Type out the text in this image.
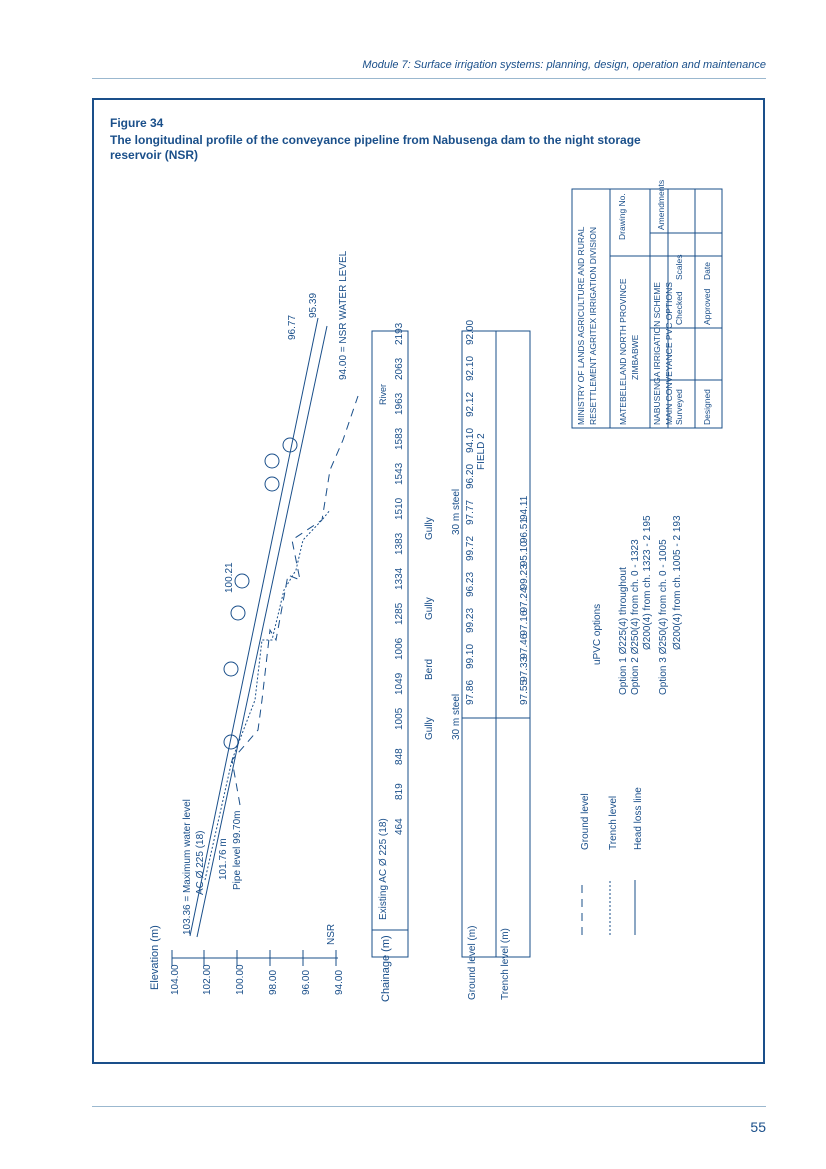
Module 7: Surface irrigation systems: planning, design, operation and maintenance
Figure 34
The longitudinal profile of the conveyance pipeline from Nabusenga dam to the night storage reservoir (NSR)
Elevation (m) 104.00 102.00 100.00 98.00 96.00 94.00
NSR
103.36 = Maximum water level AC Ø 225 (18) 101.76 m Pipe level 99.70m
100.21
96.77
95.39 94.00 = NSR WATER LEVEL
Chainage (m)
Existing AC Ø 225 (18)
Ground level (m) Trench level (m)
Gully
Berd
Gully
Gully
30 m steel
30 m steel
FIELD 2
River
Ground level Trench level Head loss line
uPVC options Option 1 Ø225(4) throughout Option 2 Ø250(4) from ch. 0 - 1323 Ø200(4) from ch. 1323 - 2 195 Option 3 Ø250(4) from ch. 0 - 1005 Ø200(4) from ch. 1005 - 2 193
MINISTRY OF LANDS AGRICULTURE AND RURAL RESETTLEMENT AGRITEX IRRIGATION DIVISION MATEBELELAND NORTH PROVINCE ZIMBABWE NABUSENGA IRRIGATION SCHEME MAIN CONVEYANCE PVC OPTIONS
Drawing No.	Amendments
Surveyed Designed
Checked Approved
Scales Date
464
819
848
1005
1049
1006
1285
1334
1383
1510
1543
1583
1963
2063
2193
97.86
99.10
99.23
96.23
99.72
97.77
96.20
94.10
92.12
92.10
92.00
97.55
97.33
97.46
97.16
97.24
99.23
95.10
96.51
94.11
55
